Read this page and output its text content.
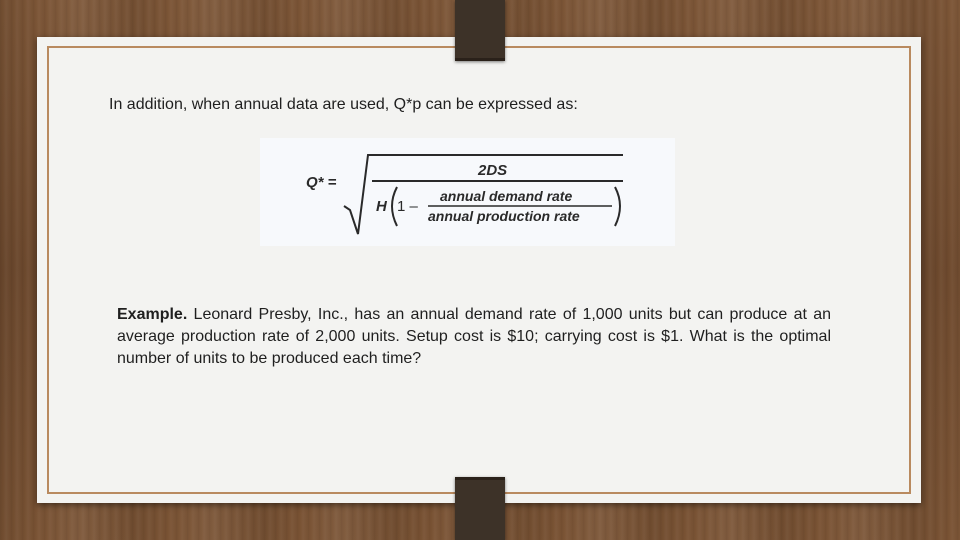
In addition, when annual data are used, Q*p can be expressed as:
Q* =
2DS
H 1 –
annual demand rate
annual production rate
Example. Leonard Presby, Inc., has an annual demand rate of 1,000 units but can produce at an average production rate of 2,000 units. Setup cost is $10; carrying cost is $1. What is the optimal number of units to be produced each time?
